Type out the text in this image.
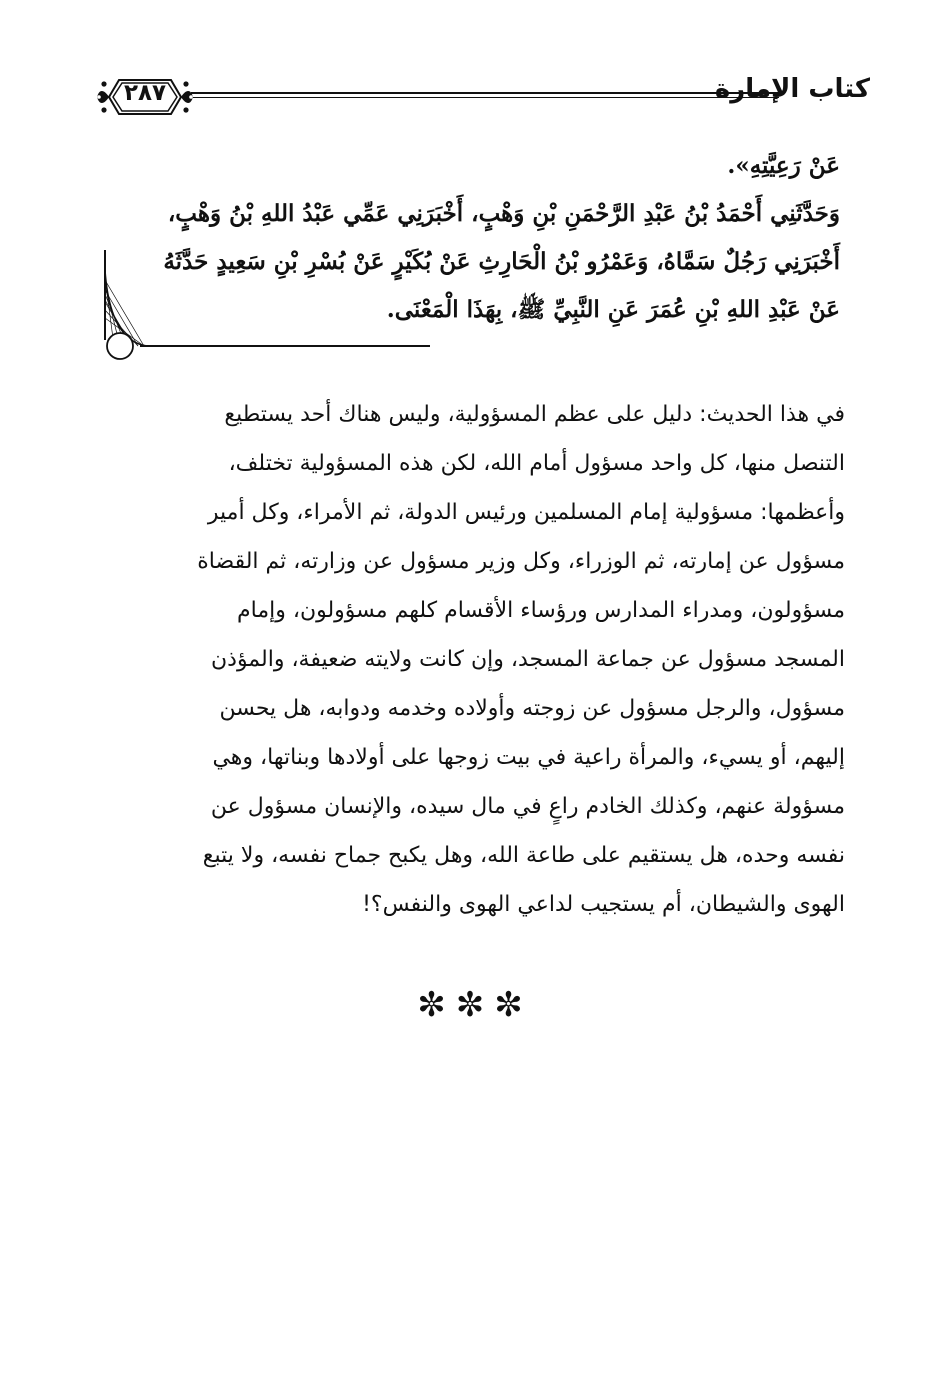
كتاب الإمارة
٢٨٧

عَنْ رَعِيَّتِهِ».

وَحَدَّثَنِي أَحْمَدُ بْنُ عَبْدِ الرَّحْمَنِ بْنِ وَهْبٍ، أَخْبَرَنِي عَمِّي عَبْدُ اللهِ بْنُ وَهْبٍ،

أَخْبَرَنِي رَجُلٌ سَمَّاهُ، وَعَمْرُو بْنُ الْحَارِثِ عَنْ بُكَيْرٍ عَنْ بُسْرِ بْنِ سَعِيدٍ حَدَّثَهُ

عَنْ عَبْدِ اللهِ بْنِ عُمَرَ عَنِ النَّبِيِّ ﷺ، بِهَذَا الْمَعْنَى.

في هذا الحديث: دليل على عظم المسؤولية، وليس هناك أحد يستطيع

التنصل منها، كل واحد مسؤول أمام الله، لكن هذه المسؤولية تختلف،

وأعظمها: مسؤولية إمام المسلمين ورئيس الدولة، ثم الأمراء، وكل أمير

مسؤول عن إمارته، ثم الوزراء، وكل وزير مسؤول عن وزارته، ثم القضاة

مسؤولون، ومدراء المدارس ورؤساء الأقسام كلهم مسؤولون، وإمام

المسجد مسؤول عن جماعة المسجد، وإن كانت ولايته ضعيفة، والمؤذن

مسؤول، والرجل مسؤول عن زوجته وأولاده وخدمه ودوابه، هل يحسن

إليهم، أو يسيء، والمرأة راعية في بيت زوجها على أولادها وبناتها، وهي

مسؤولة عنهم، وكذلك الخادم راعٍ في مال سيده، والإنسان مسؤول عن

نفسه وحده، هل يستقيم على طاعة الله، وهل يكبح جماح نفسه، ولا يتبع

الهوى والشيطان، أم يستجيب لداعي الهوى والنفس؟!

✼✼✼
